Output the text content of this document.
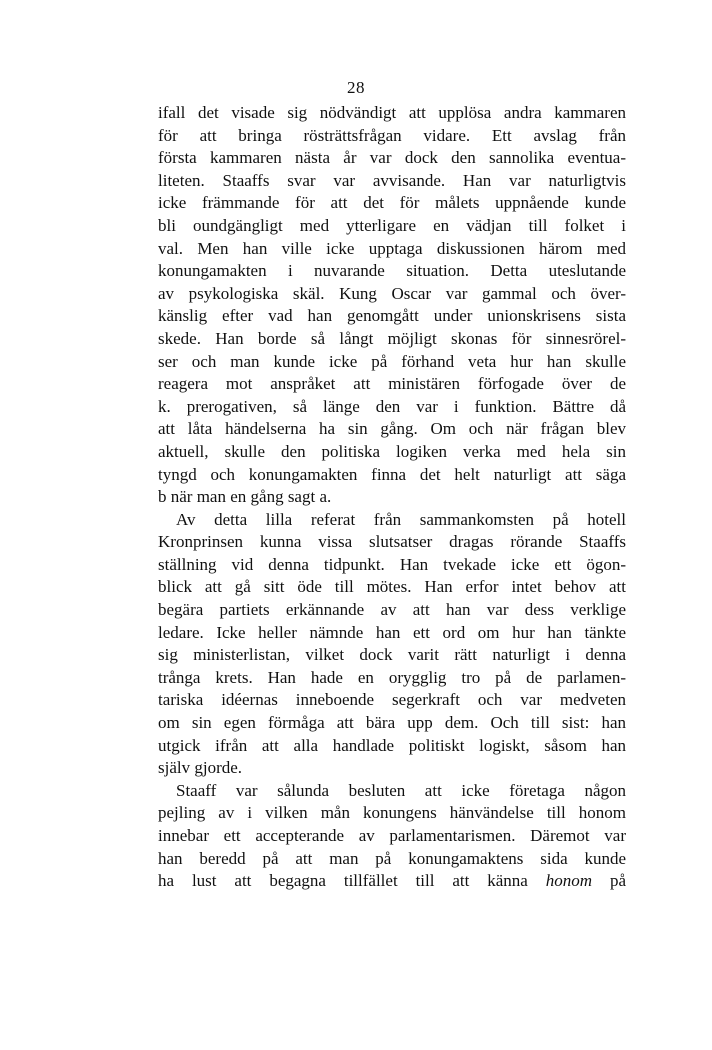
28
ifall det visade sig nödvändigt att upplösa andra kammaren
för att bringa rösträttsfrågan vidare. Ett avslag från
första kammaren nästa år var dock den sannolika eventua-
liteten. Staaffs svar var avvisande. Han var naturligtvis
icke främmande för att det för målets uppnående kunde
bli oundgängligt med ytterligare en vädjan till folket i
val. Men han ville icke upptaga diskussionen härom med
konungamakten i nuvarande situation. Detta uteslutande
av psykologiska skäl. Kung Oscar var gammal och över-
känslig efter vad han genomgått under unionskrisens sista
skede. Han borde så långt möjligt skonas för sinnesrörel-
ser och man kunde icke på förhand veta hur han skulle
reagera mot anspråket att ministären förfogade över de
k. prerogativen, så länge den var i funktion. Bättre då
att låta händelserna ha sin gång. Om och när frågan blev
aktuell, skulle den politiska logiken verka med hela sin
tyngd och konungamakten finna det helt naturligt att säga
b när man en gång sagt a.
Av detta lilla referat från sammankomsten på hotell
Kronprinsen kunna vissa slutsatser dragas rörande Staaffs
ställning vid denna tidpunkt. Han tvekade icke ett ögon-
blick att gå sitt öde till mötes. Han erfor intet behov att
begära partiets erkännande av att han var dess verklige
ledare. Icke heller nämnde han ett ord om hur han tänkte
sig ministerlistan, vilket dock varit rätt naturligt i denna
trånga krets. Han hade en orygglig tro på de parlamen-
tariska idéernas inneboende segerkraft och var medveten
om sin egen förmåga att bära upp dem. Och till sist: han
utgick ifrån att alla handlade politiskt logiskt, såsom han
själv gjorde.
Staaff var sålunda besluten att icke företaga någon
pejling av i vilken mån konungens hänvändelse till honom
innebar ett accepterande av parlamentarismen. Däremot var
han beredd på att man på konungamaktens sida kunde
ha lust att begagna tillfället till att känna honom på
